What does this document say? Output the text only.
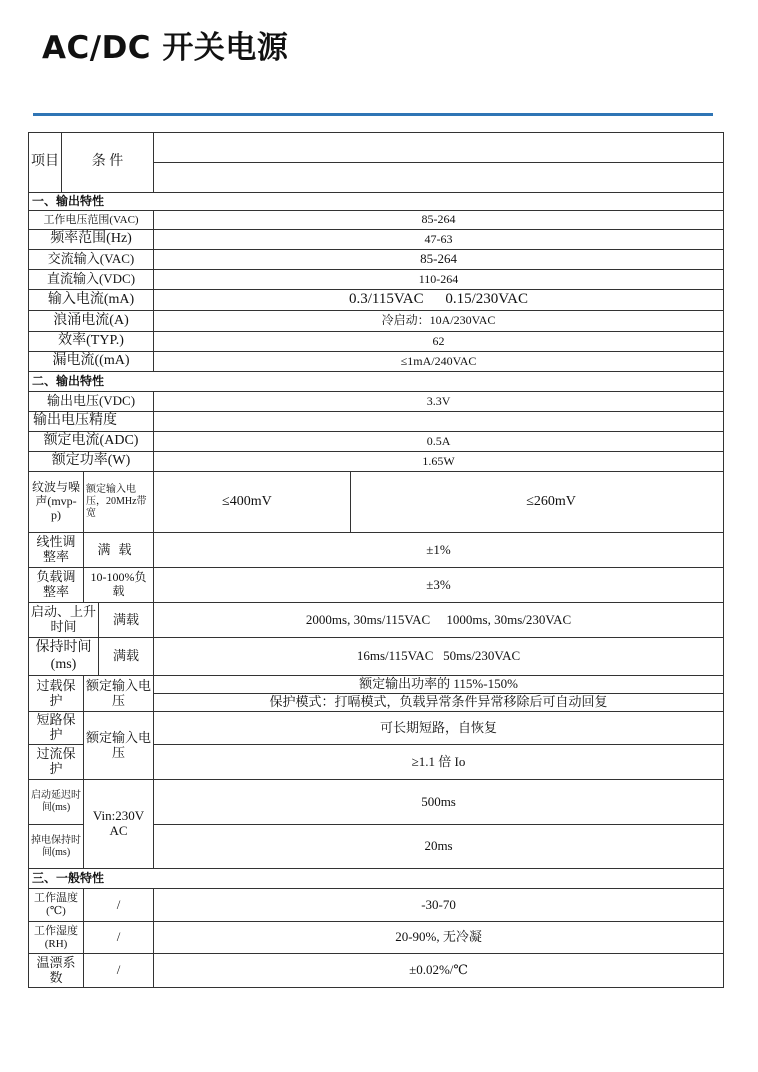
AC/DC 开关电源
项目	条 件				

一、输出特性					
工作电压范围(VAC)				85-264	
频率范围(Hz)				47-63	
交流输入(VAC)				85-264	
直流输入(VDC)				110-264	
输入电流(mA)				0.3/115VAC 0.15/230VAC	
浪涌电流(A)				冷启动：10A/230VAC	
效率(TYP.)				62	
漏电流((mA)				≤1mA/240VAC	
二、输出特性					
输出电压(VDC)				3.3V	
输出电压精度					
额定电流(ADC)				0.5A	
额定功率(W)				1.65W	
纹波与噪声(mvp-p)		额定输入电压，20MHz带宽		≤400mV	≤260mV
线性调整率		满载		±1%	
负载调整率		10-100%负载		±3%	
启动、上升时间			满载	2000ms, 30ms/115VAC     1000ms, 30ms/230VAC	
保持时间(ms)			满载	16ms/115VAC   50ms/230VAC	
过载保护		额定输入电压		额定输出功率的 115%-150%	
				保护模式：打嗝模式，负载异常条件异常移除后可自动回复	
短路保护		额定输入电压		可长期短路，自恢复	
过流保护				≥1.1 倍 Io	
启动延迟时间(ms)		Vin:230V AC		500ms	
掉电保持时间(ms)				20ms	
三、一般特性					
工作温度(℃)		/		-30-70	
工作湿度(RH)		/		20-90%, 无冷凝	
温漂系数		/		±0.02%/℃	
